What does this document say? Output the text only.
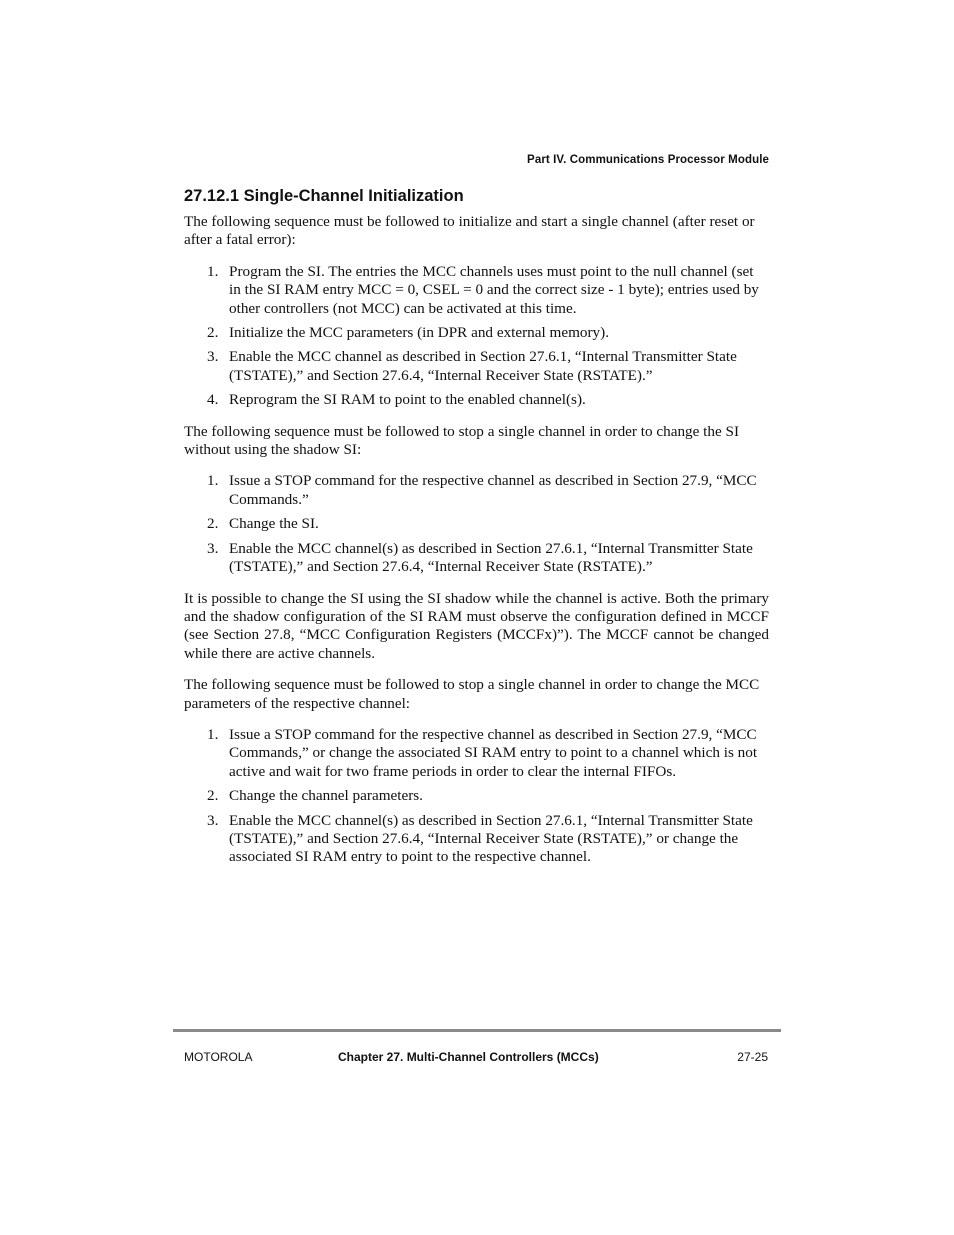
Part IV. Communications Processor Module
27.12.1 Single-Channel Initialization

The following sequence must be followed to initialize and start a single channel (after reset or after a fatal error):

1. Program the SI. The entries the MCC channels uses must point to the null channel (set in the SI RAM entry MCC = 0, CSEL = 0 and the correct size - 1 byte); entries used by other controllers (not MCC) can be activated at this time.
2. Initialize the MCC parameters (in DPR and external memory).
3. Enable the MCC channel as described in Section 27.6.1, “Internal Transmitter State (TSTATE),” and Section 27.6.4, “Internal Receiver State (RSTATE).”
4. Reprogram the SI RAM to point to the enabled channel(s).

The following sequence must be followed to stop a single channel in order to change the SI without using the shadow SI:

1. Issue a STOP command for the respective channel as described in Section 27.9, “MCC Commands.”
2. Change the SI.
3. Enable the MCC channel(s) as described in Section 27.6.1, “Internal Transmitter State (TSTATE),” and Section 27.6.4, “Internal Receiver State (RSTATE).”

It is possible to change the SI using the SI shadow while the channel is active. Both the primary and the shadow configuration of the SI RAM must observe the configuration defined in MCCF (see Section 27.8, “MCC Configuration Registers (MCCFx)”). The MCCF cannot be changed while there are active channels.

The following sequence must be followed to stop a single channel in order to change the MCC parameters of the respective channel:

1. Issue a STOP command for the respective channel as described in Section 27.9, “MCC Commands,” or change the associated SI RAM entry to point to a channel which is not active and wait for two frame periods in order to clear the internal FIFOs.
2. Change the channel parameters.
3. Enable the MCC channel(s) as described in Section 27.6.1, “Internal Transmitter State (TSTATE),” and Section 27.6.4, “Internal Receiver State (RSTATE),” or change the associated SI RAM entry to point to the respective channel.
MOTOROLA	Chapter 27. Multi-Channel Controllers (MCCs)	27-25
